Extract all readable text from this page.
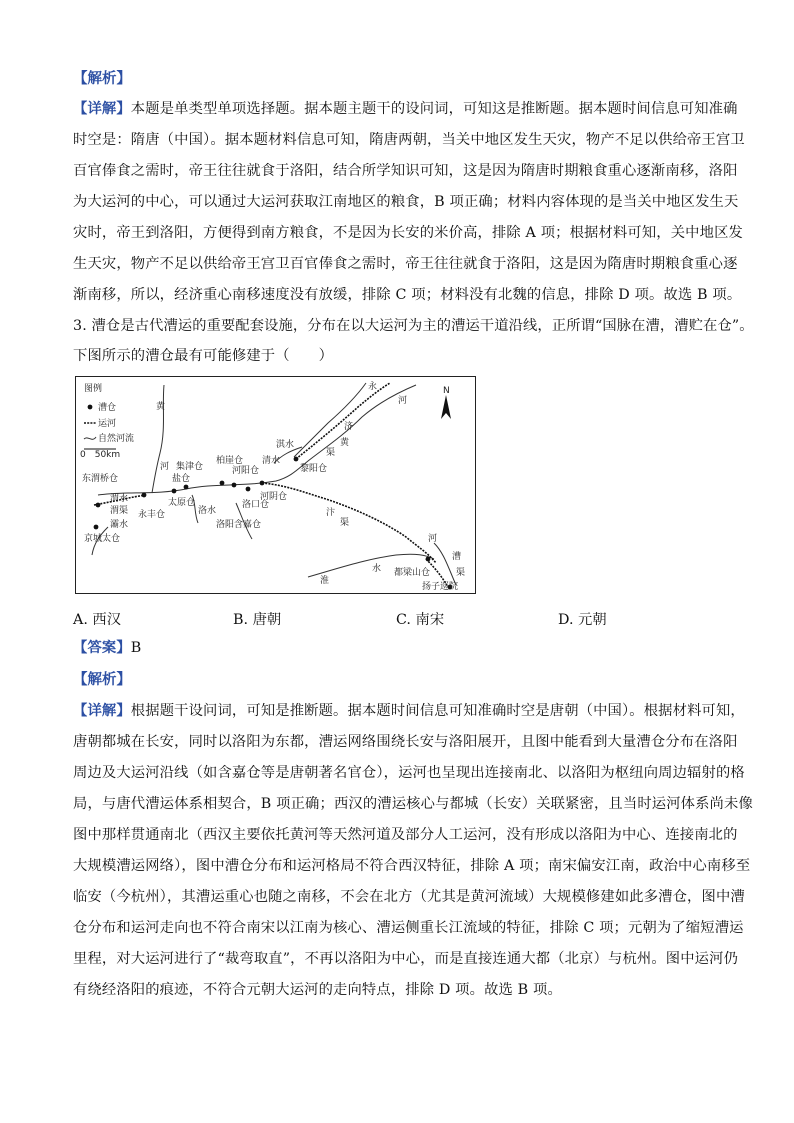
【解析】
【详解】本题是单类型单项选择题。据本题主题干的设问词，可知这是推断题。据本题时间信息可知准确
时空是：隋唐（中国）。据本题材料信息可知，隋唐两朝，当关中地区发生天灾，物产不足以供给帝王宫卫
百官俸食之需时，帝王往往就食于洛阳，结合所学知识可知，这是因为隋唐时期粮食重心逐渐南移，洛阳
为大运河的中心，可以通过大运河获取江南地区的粮食，B 项正确；材料内容体现的是当关中地区发生天
灾时，帝王到洛阳，方便得到南方粮食，不是因为长安的米价高，排除 A 项；根据材料可知，关中地区发
生天灾，物产不足以供给帝王宫卫百官俸食之需时，帝王往往就食于洛阳，这是因为隋唐时期粮食重心逐
渐南移，所以，经济重心南移速度没有放缓，排除 C 项；材料没有北魏的信息，排除 D 项。故选 B 项。
3. 漕仓是古代漕运的重要配套设施，分布在以大运河为主的漕运干道沿线，正所谓“国脉在漕，漕贮在仓”。
下图所示的漕仓最有可能修建于（　　）
图例
漕仓
运河
自然河流
0　50km
N
黄
河
永
济
渠
河
黄
淇水
清水
黎阳仓
集津仓
盐仓
柏崖仓
河阳仓
东渭桥仓
渭水
渭渠 永丰仓
太原仓
洛水
洛口仓
洛阳含嘉仓
河阴仓
汴
渠
灞水
京城太仓
淮
水 都梁山仓
漕
渠
扬子巡院
河
A. 西汉	B. 唐朝	C. 南宋	D. 元朝
【答案】B
【解析】
【详解】根据题干设问词，可知是推断题。据本题时间信息可知准确时空是唐朝（中国）。根据材料可知，
唐朝都城在长安，同时以洛阳为东都，漕运网络围绕长安与洛阳展开，且图中能看到大量漕仓分布在洛阳
周边及大运河沿线（如含嘉仓等是唐朝著名官仓），运河也呈现出连接南北、以洛阳为枢纽向周边辐射的格
局，与唐代漕运体系相契合，B 项正确；西汉的漕运核心与都城（长安）关联紧密，且当时运河体系尚未像
图中那样贯通南北（西汉主要依托黄河等天然河道及部分人工运河，没有形成以洛阳为中心、连接南北的
大规模漕运网络），图中漕仓分布和运河格局不符合西汉特征，排除 A 项；南宋偏安江南，政治中心南移至
临安（今杭州），其漕运重心也随之南移，不会在北方（尤其是黄河流域）大规模修建如此多漕仓，图中漕
仓分布和运河走向也不符合南宋以江南为核心、漕运侧重长江流域的特征，排除 C 项；元朝为了缩短漕运
里程，对大运河进行了“裁弯取直”，不再以洛阳为中心，而是直接连通大都（北京）与杭州。图中运河仍
有绕经洛阳的痕迹，不符合元朝大运河的走向特点，排除 D 项。故选 B 项。
